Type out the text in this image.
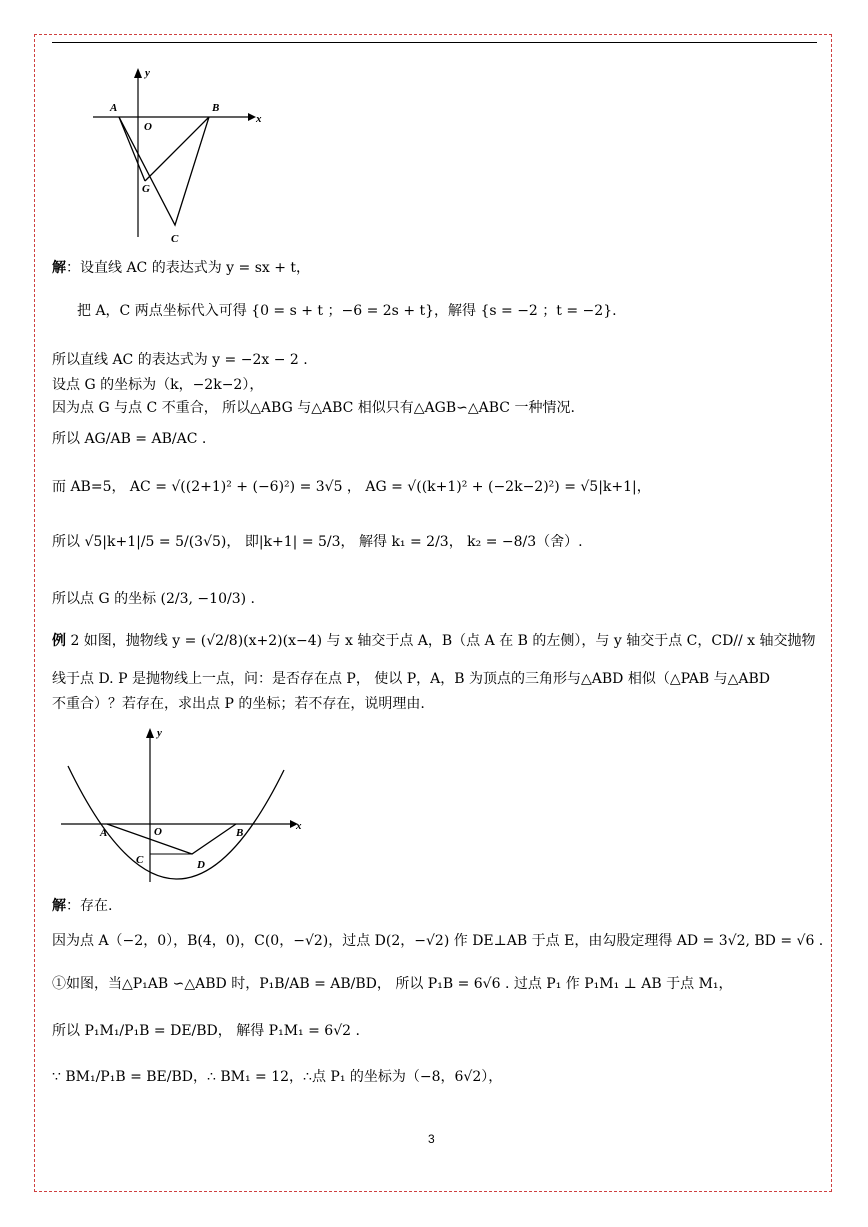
y
x
A
O
B
G
C
解：设直线 AC 的表达式为 y = sx + t，
把 A，C 两点坐标代入可得 {0 = s + t ；−6 = 2s + t}，解得 {s = −2 ；t = −2}.
所以直线 AC 的表达式为 y = −2x − 2 .
设点 G 的坐标为（k，−2k−2），
因为点 G 与点 C 不重合， 所以△ABG 与△ABC 相似只有△AGB∽△ABC 一种情况.
所以 AG/AB = AB/AC .
而 AB=5， AC = √((2+1)² + (−6)²) = 3√5 ， AG = √((k+1)² + (−2k−2)²) = √5|k+1|，
所以 √5|k+1|/5 = 5/(3√5)， 即|k+1| = 5/3， 解得 k₁ = 2/3， k₂ = −8/3（舍）.
所以点 G 的坐标 (2/3, −10/3) .
例 2 如图，抛物线 y = (√2/8)(x+2)(x−4) 与 x 轴交于点 A，B（点 A 在 B 的左侧），与 y 轴交于点 C，CD// x 轴交抛物
线于点 D. P 是抛物线上一点，问：是否存在点 P， 使以 P，A，B 为顶点的三角形与△ABD 相似（△PAB 与△ABD
不重合）？若存在，求出点 P 的坐标；若不存在，说明理由.
y
x
A	O	B
C	D
解：存在.
因为点 A（−2，0），B(4，0)，C(0，−√2)，过点 D(2，−√2) 作 DE⊥AB 于点 E，由勾股定理得 AD = 3√2, BD = √6 .
①如图，当△P₁AB ∽△ABD 时，P₁B/AB = AB/BD， 所以 P₁B = 6√6 . 过点 P₁ 作 P₁M₁ ⊥ AB 于点 M₁，
所以 P₁M₁/P₁B = DE/BD， 解得 P₁M₁ = 6√2 .
∵ BM₁/P₁B = BE/BD，∴ BM₁ = 12，∴点 P₁ 的坐标为（−8，6√2），
3
